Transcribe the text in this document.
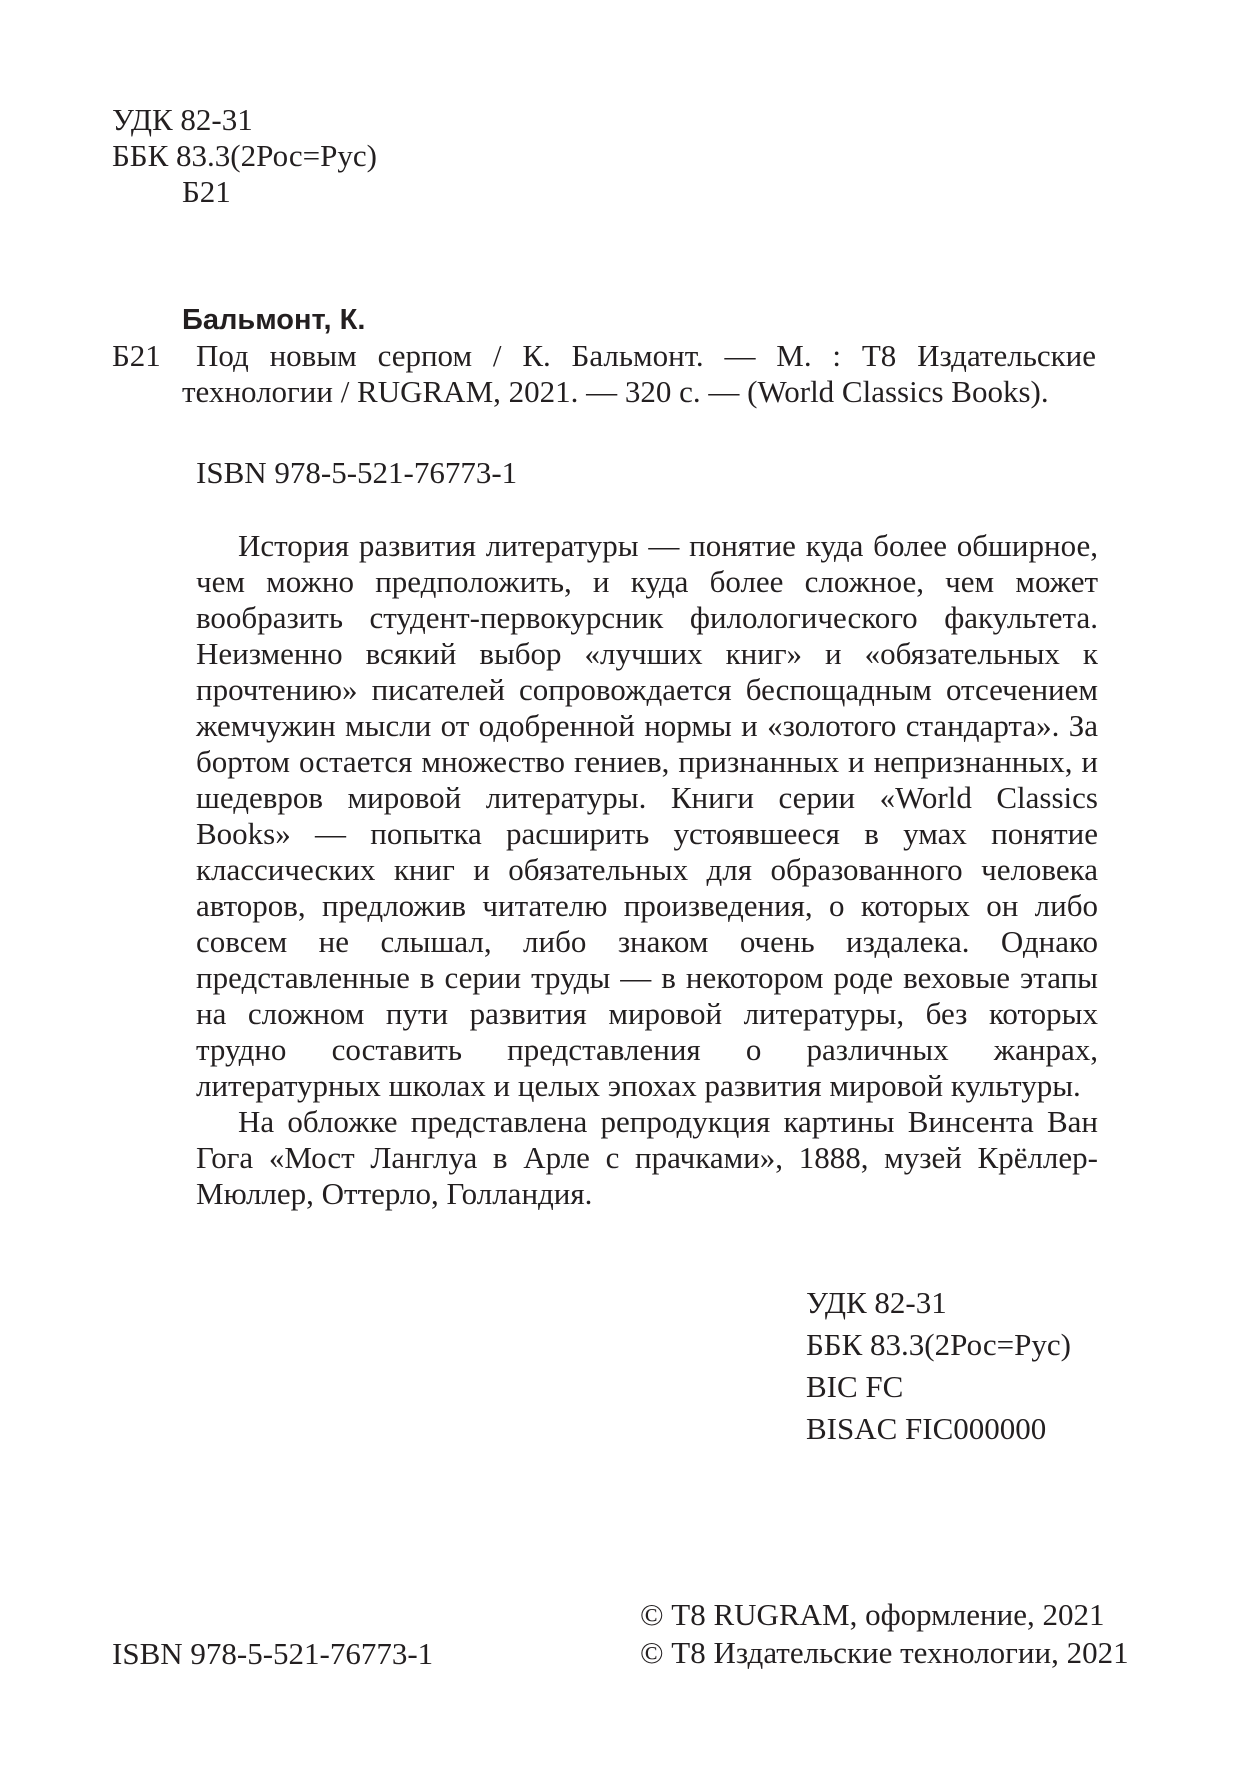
УДК 82-31
ББК 83.3(2Рос=Рус)
Б21
Бальмонт, К.
Б21 Под новым серпом / К. Бальмонт. — М. : Т8 Издательские
технологии / RUGRAM, 2021. — 320 с. — (World Classics Books).
ISBN 978-5-521-76773-1

История развития литературы — понятие куда более обширное, чем можно предположить, и куда более сложное, чем может вообразить студент-первокурсник филологического факультета. Неизменно всякий выбор «лучших книг» и «обязательных к прочтению» писателей сопровождается беспощадным отсечением жемчужин мысли от одобренной нормы и «золотого стандарта». За бортом остается множество гениев, признанных и непризнанных, и шедевров мировой литературы. Книги серии «World Classics Books» — попытка расширить устоявшееся в умах понятие классических книг и обязательных для образованного человека авторов, предложив читателю произведения, о которых он либо совсем не слышал, либо знаком очень издалека. Однако представленные в серии труды — в некотором роде веховые этапы на сложном пути развития мировой литературы, без которых трудно составить представления о различных жанрах, литературных школах и целых эпохах развития мировой культуры.

На обложке представлена репродукция картины Винсента Ван Гога «Мост Ланглуа в Арле с прачками», 1888, музей Крёллер-Мюллер, Оттерло, Голландия.

УДК 82-31
ББК 83.3(2Рос=Рус)
BIC FC
BISAC FIC000000
© Т8 RUGRAM, оформление, 2021
© Т8 Издательские технологии, 2021
ISBN 978-5-521-76773-1
